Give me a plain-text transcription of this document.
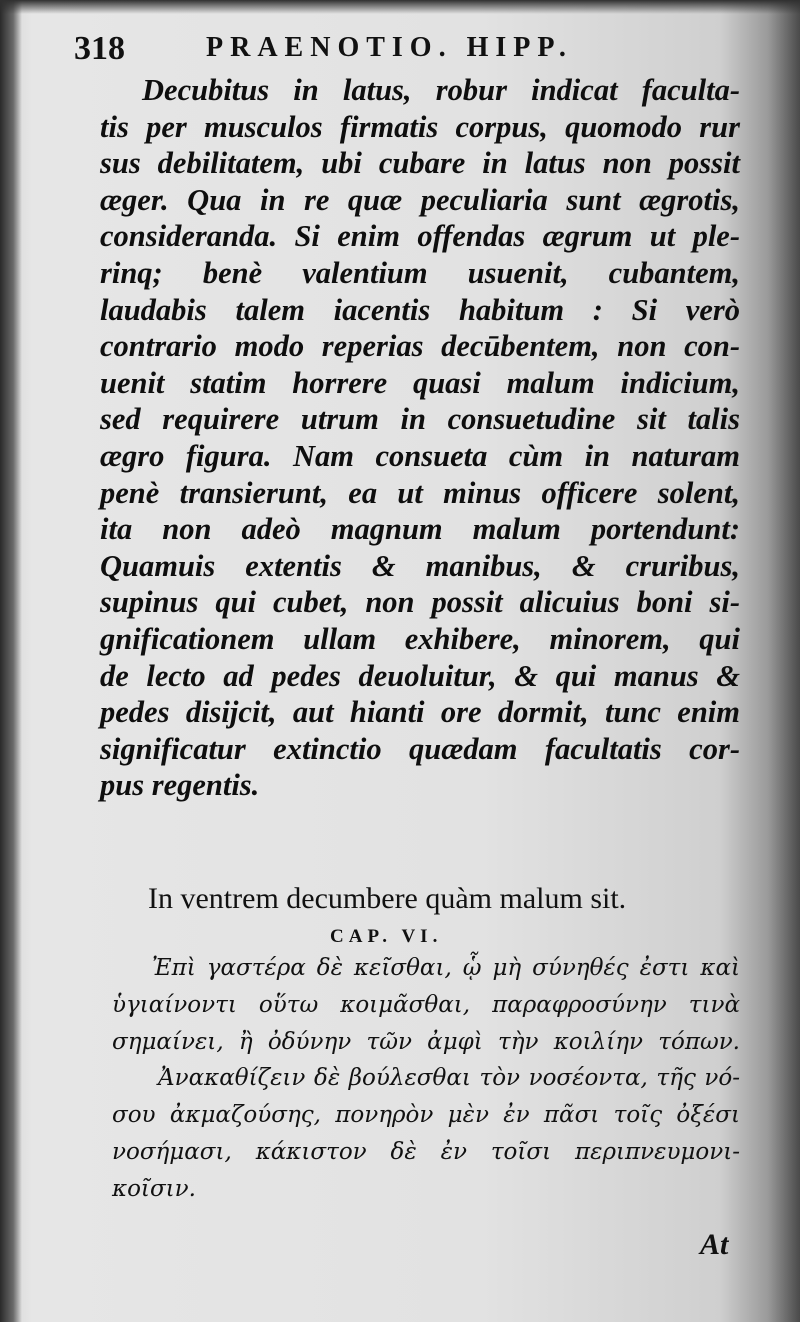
318	PRAENOTIO. HIPP.
Decubitus in latus, robur indicat faculta-
tis per musculos firmatis corpus, quomodo rur
sus debilitatem, ubi cubare in latus non possit
æger. Qua in re quæ peculiaria sunt ægrotis,
consideranda. Si enim offendas ægrum ut ple-
rinq; benè valentium usuenit, cubantem,
laudabis talem iacentis habitum : Si verò
contrario modo reperias decūbentem, non con-
uenit statim horrere quasi malum indicium,
sed requirere utrum in consuetudine sit talis
ægro figura. Nam consueta cùm in naturam
penè transierunt, ea ut minus officere solent,
ita non adeò magnum malum portendunt:
Quamuis extentis & manibus, & cruribus,
supinus qui cubet, non possit alicuius boni si-
gnificationem ullam exhibere, minorem, qui
de lecto ad pedes deuoluitur, & qui manus &
pedes disijcit, aut hianti ore dormit, tunc enim
significatur extinctio quædam facultatis cor-
pus regentis.
In ventrem decumbere quàm malum sit.
CAP. VI.
Ἐπὶ γαστέρα δὲ κεῖσθαι, ᾧ μὴ σύνηθές ἐστι καὶ
ὑγιαίνοντι οὕτω κοιμᾶσθαι, παραφροσύνην τινὰ
σημαίνει, ἢ ὀδύνην τῶν ἀμφὶ τὴν κοιλίην τόπων.
Ἀνακαθίζειν δὲ βούλεσθαι τὸν νοσέοντα, τῆς νό-
σου ἀκμαζούσης, πονηρὸν μὲν ἐν πᾶσι τοῖς ὀξέσι
νοσήμασι, κάκιστον δὲ ἐν τοῖσι περιπνευμονι-
κοῖσιν.
At
